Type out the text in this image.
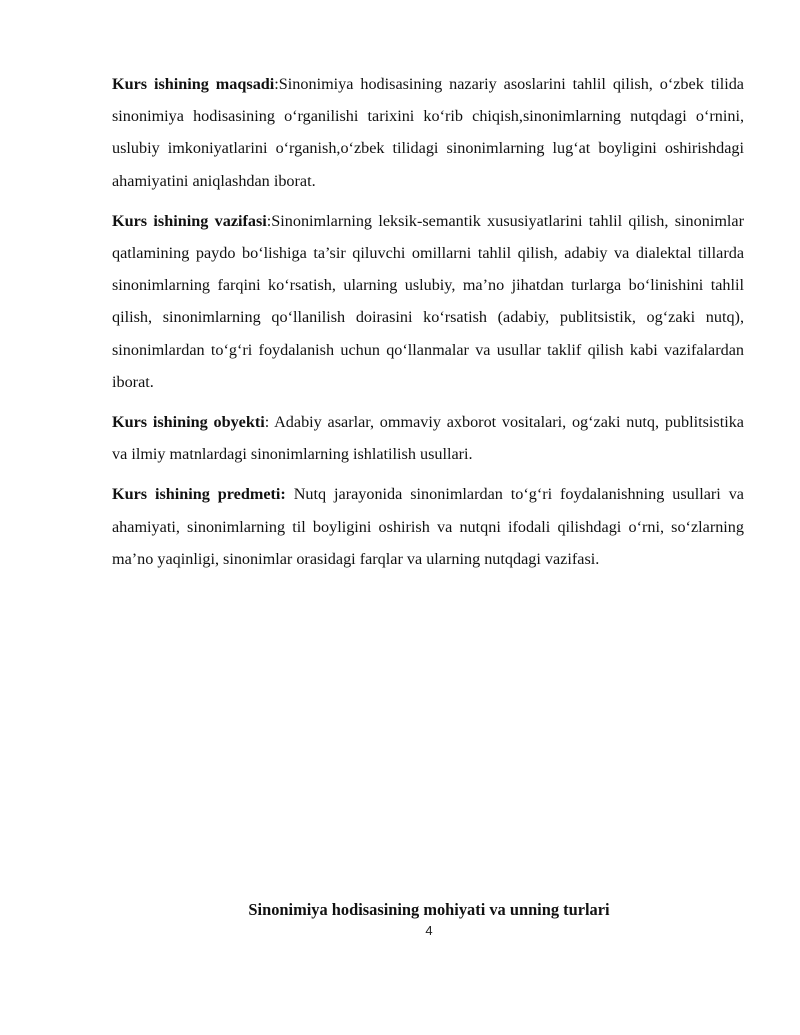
Kurs ishining maqsadi:Sinonimiya hodisasining nazariy asoslarini tahlil qilish, o‘zbek tilida sinonimiya hodisasining o‘rganilishi tarixini ko‘rib chiqish,sinonimlarning nutqdagi o‘rnini, uslubiy imkoniyatlarini o‘rganish,o‘zbek tilidagi sinonimlarning lug‘at boyligini oshirishdagi ahamiyatini aniqlashdan iborat.

Kurs ishining vazifasi:Sinonimlarning leksik-semantik xususiyatlarini tahlil qilish, sinonimlar qatlamining paydo bo‘lishiga ta’sir qiluvchi omillarni tahlil qilish, adabiy va dialektal tillarda sinonimlarning farqini ko‘rsatish, ularning uslubiy, ma’no jihatdan turlarga bo‘linishini tahlil qilish, sinonimlarning qo‘llanilish doirasini ko‘rsatish (adabiy, publitsistik, og‘zaki nutq), sinonimlardan to‘g‘ri foydalanish uchun qo‘llanmalar va usullar taklif qilish kabi vazifalardan iborat.

Kurs ishining obyekti: Adabiy asarlar, ommaviy axborot vositalari, og‘zaki nutq, publitsistika va ilmiy matnlardagi sinonimlarning ishlatilish usullari.

Kurs ishining predmeti: Nutq jarayonida sinonimlardan to‘g‘ri foydalanishning usullari va ahamiyati, sinonimlarning til boyligini oshirish va nutqni ifodali qilishdagi o‘rni, so‘zlarning ma’no yaqinligi, sinonimlar orasidagi farqlar va ularning nutqdagi vazifasi.

Sinonimiya hodisasining mohiyati va unning turlari
4
